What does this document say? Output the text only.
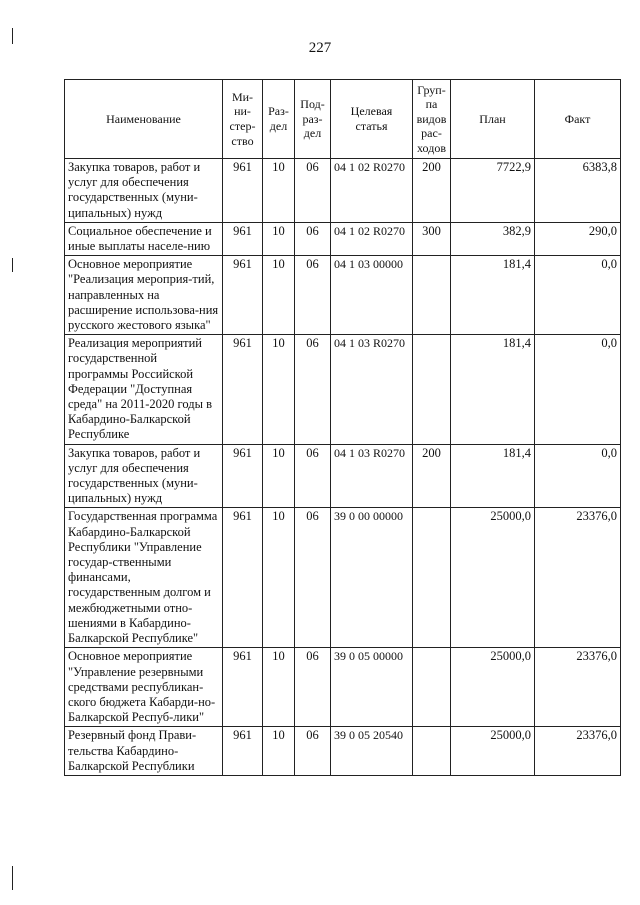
227
Наименование	Ми-
ни-
стер-
ство	Раз-
дел	Под-
раз-
дел	Целевая
статья	Груп-
па
видов
рас-
ходов	План	Факт
Закупка товаров, работ и услуг для обеспечения государственных (муни-ципальных) нужд	961	10	06	04 1 02 R0270	200	7722,9	6383,8
Социальное обеспечение и иные выплаты населе-нию	961	10	06	04 1 02 R0270	300	382,9	290,0
Основное мероприятие "Реализация мероприя-тий, направленных на расширение использова-ния русского жестового языка"	961	10	06	04 1 03 00000		181,4	0,0
Реализация мероприятий государственной программы Российской Федерации "Доступная среда" на 2011-2020 годы в Кабардино-Балкарской Республике	961	10	06	04 1 03 R0270		181,4	0,0
Закупка товаров, работ и услуг для обеспечения государственных (муни-ципальных) нужд	961	10	06	04 1 03 R0270	200	181,4	0,0
Государственная программа Кабардино-Балкарской Республики "Управление государ-ственными финансами, государственным долгом и межбюджетными отно-шениями в Кабардино-Балкарской Республике"	961	10	06	39 0 00 00000		25000,0	23376,0
Основное мероприятие "Управление резервными средствами республикан-ского бюджета Кабарди-но-Балкарской Респуб-лики"	961	10	06	39 0 05 00000		25000,0	23376,0
Резервный фонд Прави-тельства Кабардино-Балкарской Республики	961	10	06	39 0 05 20540		25000,0	23376,0
